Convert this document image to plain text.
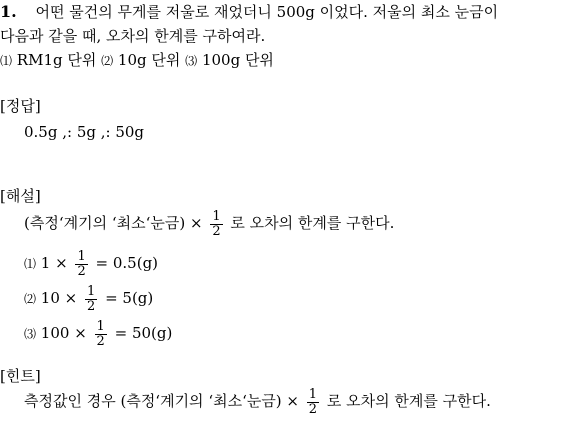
1. 어떤 물건의 무게를 저울로 재었더니 500g 이었다. 저울의 최소 눈금이
다음과 같을 때, 오차의 한계를 구하여라.
⑴ RM1g 단위 ⑵ 10g 단위 ⑶ 100g 단위
[정답]
0.5g ,: 5g ,: 50g
[해설]
(측정‘계기의 ‘최소‘눈금) × $\frac{1}{2}$ 로 오차의 한계를 구한다.
⑴ $1 \times \frac{1}{2} = 0.5(g)$
⑵ $10 \times \frac{1}{2} = 5(g)$
⑶ $100 \times \frac{1}{2} = 50(g)$
[힌트]
측정값인 경우 (측정‘계기의 ‘최소‘눈금) × $\frac{1}{2}$ 로 오차의 한계를 구한다.
